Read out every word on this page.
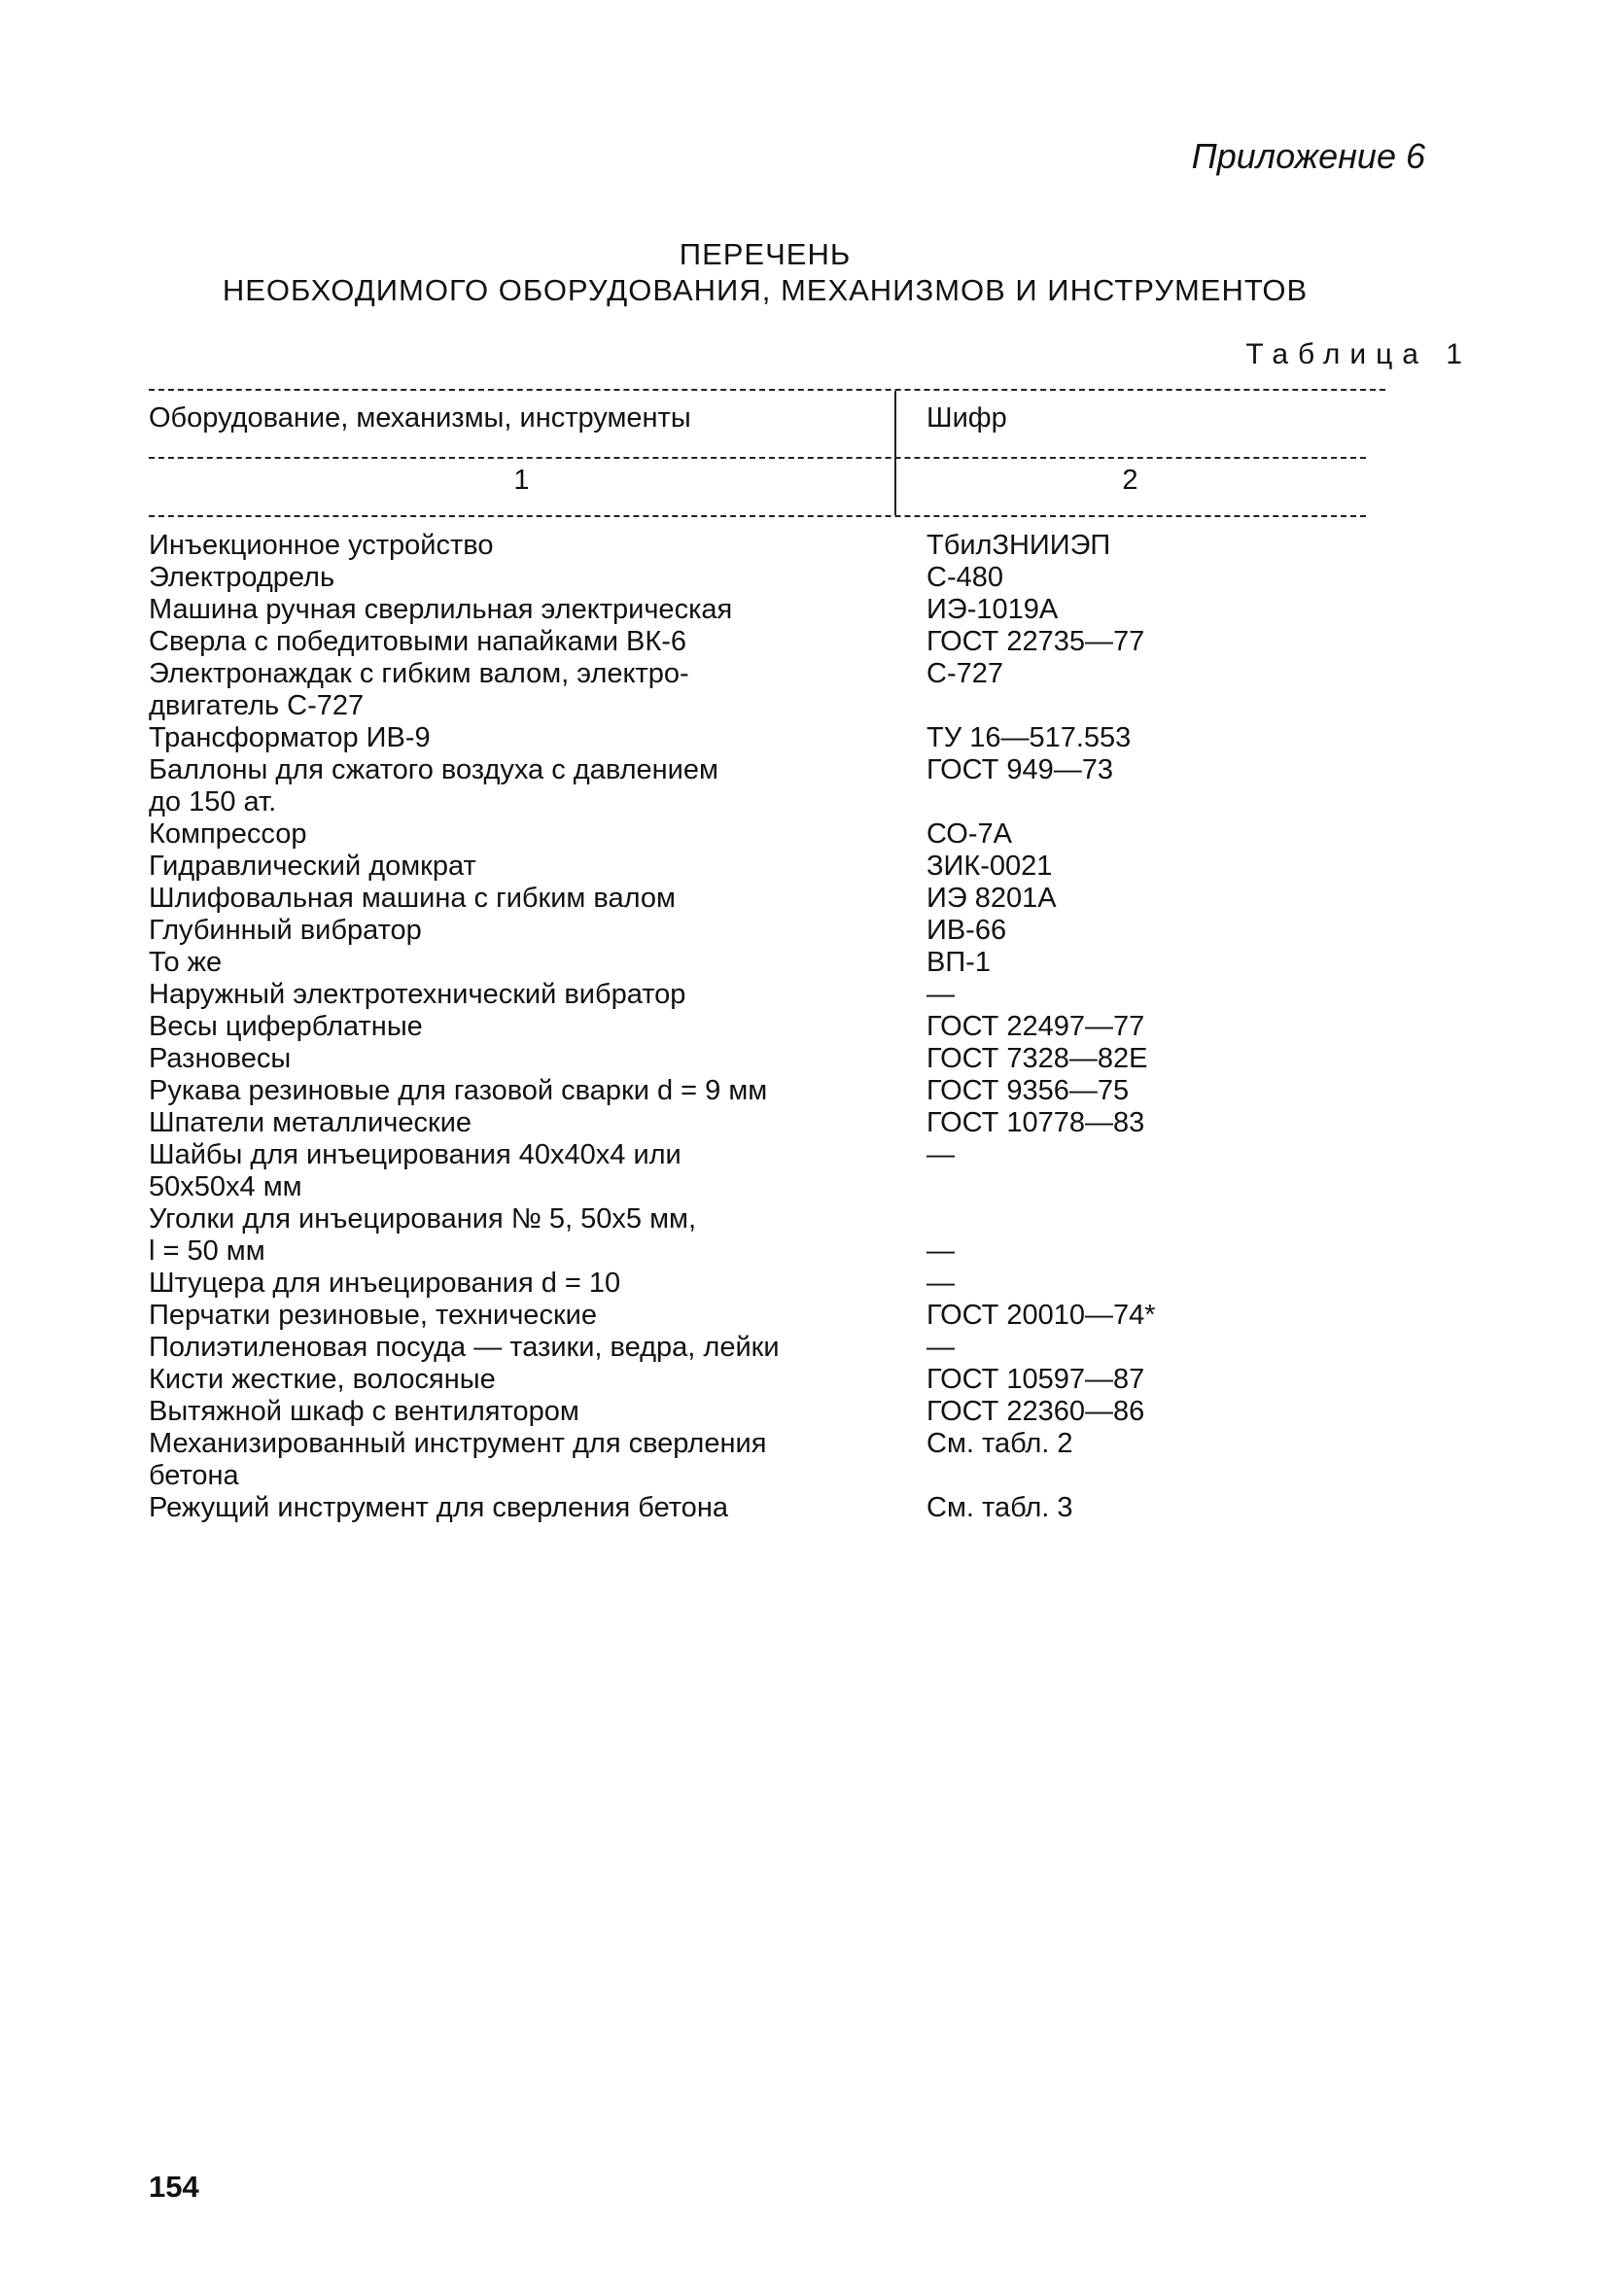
Приложение 6
ПЕРЕЧЕНЬ
НЕОБХОДИМОГО ОБОРУДОВАНИЯ, МЕХАНИЗМОВ И ИНСТРУМЕНТОВ
Таблица 1
Оборудование, механизмы, инструменты	Шифр
1	2
Инъекционное устройство	ТбилЗНИИЭП
Электродрель	С-480
Машина ручная сверлильная электрическая	ИЭ-1019А
Сверла с победитовыми напайками ВК-6	ГОСТ 22735—77
Электронаждак с гибким валом, электро-	С-727
двигатель С-727
Трансформатор ИВ-9	ТУ 16—517.553
Баллоны для сжатого воздуха с давлением	ГОСТ 949—73
до 150 ат.
Компрессор	СО-7А
Гидравлический домкрат	ЗИК-0021
Шлифовальная машина с гибким валом	ИЭ 8201А
Глубинный вибратор	ИВ-66
То же	ВП-1
Наружный электротехнический вибратор	—
Весы циферблатные	ГОСТ 22497—77
Разновесы	ГОСТ 7328—82Е
Рукава резиновые для газовой сварки d = 9 мм	ГОСТ 9356—75
Шпатели металлические	ГОСТ 10778—83
Шайбы для инъецирования 40х40х4 или	—
50х50х4 мм
Уголки для инъецирования № 5, 50х5 мм,
l = 50 мм	—
Штуцера для инъецирования d = 10	—
Перчатки резиновые, технические	ГОСТ 20010—74*
Полиэтиленовая посуда — тазики, ведра, лейки	—
Кисти жесткие, волосяные	ГОСТ 10597—87
Вытяжной шкаф с вентилятором	ГОСТ 22360—86
Механизированный инструмент для сверления	См. табл. 2
бетона
Режущий инструмент для сверления бетона	См. табл. 3
154
